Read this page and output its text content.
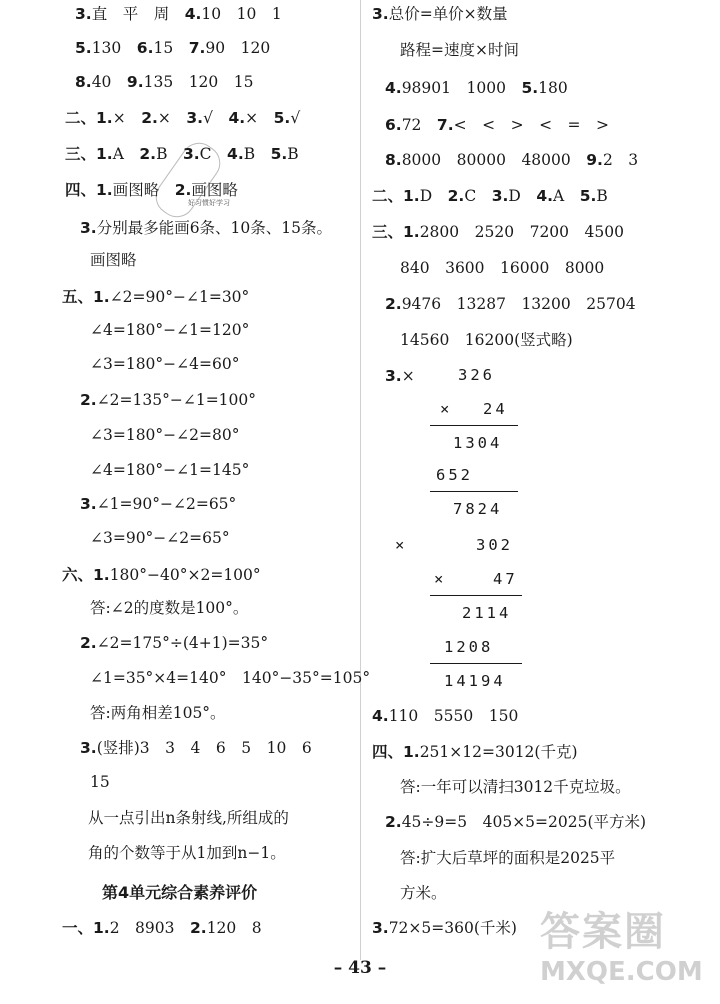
3.直　平　周　4.10　10　1
5.130　6.15　7.90　120
8.40　9.135　120　15
二、1.×　2.×　3.√　4.×　5.√
三、1.A　2.B　3.C　4.B　5.B
四、1.画图略　2.画图略
3.分别最多能画6条、10条、15条。
画图略
五、1.∠2=90°−∠1=30°
∠4=180°−∠1=120°
∠3=180°−∠4=60°
2.∠2=135°−∠1=100°
∠3=180°−∠2=80°
∠4=180°−∠1=145°
3.∠1=90°−∠2=65°
∠3=90°−∠2=65°
六、1.180°−40°×2=100°
答:∠2的度数是100°。
2.∠2=175°÷(4+1)=35°
∠1=35°×4=140°　140°−35°=105°
答:两角相差105°。
3.(竖排)3　3　4　6　5　10　6
15
从一点引出n条射线,所组成的
角的个数等于从1加到n−1。
一、1.2　8903　2.120　8
3.总价=单价×数量
路程=速度×时间
4.98901　1000　5.180
6.72　7.<　<　>　<　=　>
8.8000　80000　48000　9.2　3
二、1.D　2.C　3.D　4.A　5.B
三、1.2800　2520　7200　4500
840　3600　16000　8000
2.9476　13287　13200　25704
14560　16200(竖式略)
3.×
4.110　5550　150
四、1.251×12=3012(千克)
答:一年可以清扫3012千克垃圾。
2.45÷9=5　405×5=2025(平方米)
答:扩大后草坪的面积是2025平
方米。
3.72×5=360(千米)
第4单元综合素养评价
好习惯好学习
326
× 24
1304
652
7824
×	302
×	47
2114
1208
14194
– 43 –
答案圈
MXQE.COM
